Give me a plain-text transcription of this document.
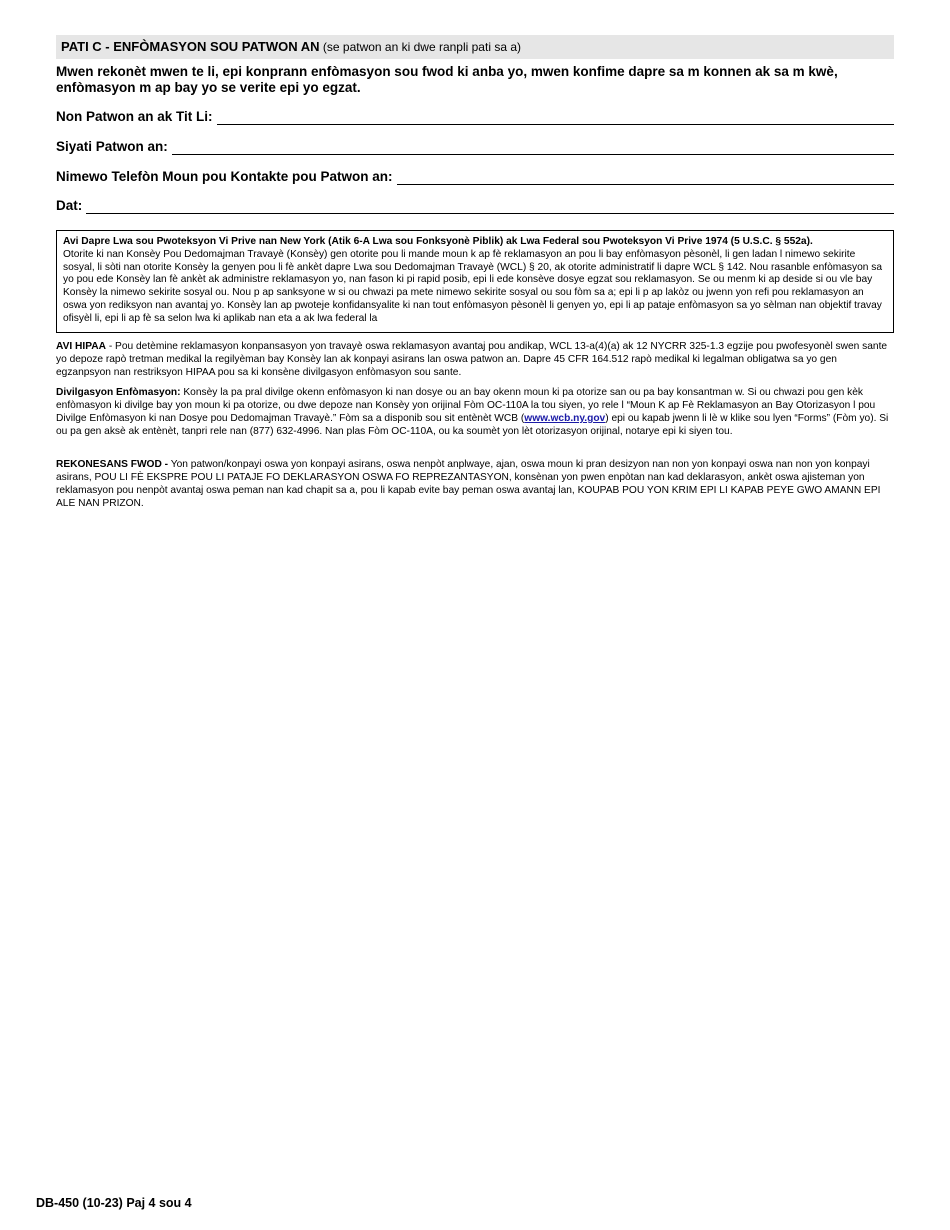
PATI C - ENFÒMASYON SOU PATWON AN (se patwon an ki dwe ranpli pati sa a)
Mwen rekonèt mwen te li, epi konprann enfòmasyon sou fwod ki anba yo, mwen konfime dapre sa m konnen ak sa m kwè, enfòmasyon m ap bay yo se verite epi yo egzat.
Non Patwon an ak Tit Li:
Siyati Patwon an:
Nimewo Telefòn Moun pou Kontakte pou Patwon an:
Dat:
Avi Dapre Lwa sou Pwoteksyon Vi Prive nan New York (Atik 6-A Lwa sou Fonksyonè Piblik) ak Lwa Federal sou Pwoteksyon Vi Prive 1974 (5 U.S.C. § 552a).
Otorite ki nan Konsèy Pou Dedomajman Travayè (Konsèy) gen otorite pou li mande moun k ap fè reklamasyon an pou li bay enfòmasyon pèsonèl, li gen ladan l nimewo sekirite sosyal, li sòti nan otorite Konsèy la genyen pou li fè ankèt dapre Lwa sou Dedomajman Travayè (WCL) § 20, ak otorite administratif li dapre WCL § 142. Nou rasanble enfòmasyon sa yo pou ede Konsèy lan fè ankèt ak administre reklamasyon yo, nan fason ki pi rapid posib, epi li ede konsève dosye egzat sou reklamasyon. Se ou menm ki ap deside si ou vle bay Konsèy la nimewo sekirite sosyal ou. Nou p ap sanksyone w si ou chwazi pa mete nimewo sekirite sosyal ou sou fòm sa a; epi li p ap lakòz ou jwenn yon refi pou reklamasyon an oswa yon rediksyon nan avantaj yo. Konsèy lan ap pwoteje konfidansyalite ki nan tout enfòmasyon pèsonèl li genyen yo, epi li ap pataje enfòmasyon sa yo sèlman nan objektif travay ofisyèl li, epi li ap fè sa selon lwa ki aplikab nan eta a ak lwa federal la
AVI HIPAA - Pou detèmine reklamasyon konpansasyon yon travayè oswa reklamasyon avantaj pou andikap, WCL 13-a(4)(a) ak 12 NYCRR 325-1.3 egzije pou pwofesyonèl swen sante yo depoze rapò tretman medikal la regilyèman bay Konsèy lan ak konpayi asirans lan oswa patwon an. Dapre 45 CFR 164.512 rapò medikal ki legalman obligatwa sa yo gen egzanpsyon nan restriksyon HIPAA pou sa ki konsène divilgasyon enfòmasyon sou sante.
Divilgasyon Enfòmasyon: Konsèy la pa pral divilge okenn enfòmasyon ki nan dosye ou an bay okenn moun ki pa otorize san ou pa bay konsantman w. Si ou chwazi pou gen kèk enfòmasyon ki divilge bay yon moun ki pa otorize, ou dwe depoze nan Konsèy yon orijinal Fòm OC-110A la tou siyen, yo rele l “Moun K ap Fè Reklamasyon an Bay Otorizasyon l pou Divilge Enfòmasyon ki nan Dosye pou Dedomajman Travayè.” Fòm sa a disponib sou sit entènèt WCB (www.wcb.ny.gov) epi ou kapab jwenn li lè w klike sou lyen “Forms” (Fòm yo). Si ou pa gen aksè ak entènèt, tanpri rele nan (877) 632-4996. Nan plas Fòm OC-110A, ou ka soumèt yon lèt otorizasyon orijinal, notarye epi ki siyen tou.
REKONESANS FWOD - Yon patwon/konpayi oswa yon konpayi asirans, oswa nenpòt anplwaye, ajan, oswa moun ki pran desizyon nan non yon konpayi oswa nan non yon konpayi asirans, POU LI FÈ EKSPRE POU LI PATAJE FO DEKLARASYON OSWA FO REPREZANTASYON, konsènan yon pwen enpòtan nan kad deklarasyon, ankèt oswa ajisteman yon reklamasyon pou nenpòt avantaj oswa peman nan kad chapit sa a, pou li kapab evite bay peman oswa avantaj lan, KOUPAB POU YON KRIM EPI LI KAPAB PEYE GWO AMANN EPI ALE NAN PRIZON.
DB-450 (10-23) Paj 4 sou 4
